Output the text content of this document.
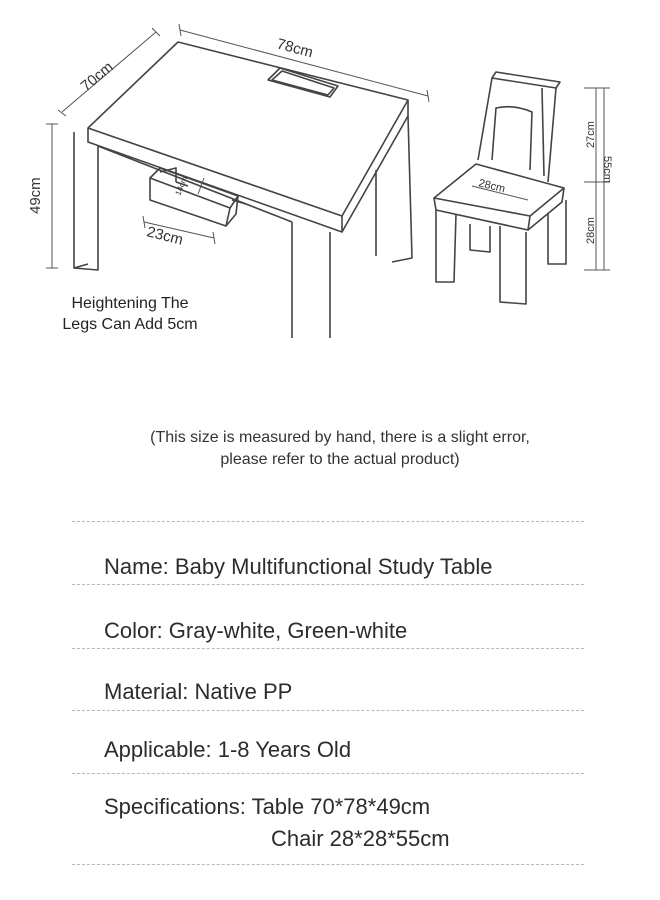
70cm
78cm
49cm
23cm
14cm	28cm
27cm
55cm
28cm
Heightening The
Legs Can Add 5cm
(This size is measured by hand, there is a slight error,
please refer to the actual product)
Name: Baby Multifunctional Study Table
Color: Gray-white, Green-white
Material: Native PP
Applicable: 1-8 Years Old
Specifications: Table 70*78*49cm
Chair 28*28*55cm
